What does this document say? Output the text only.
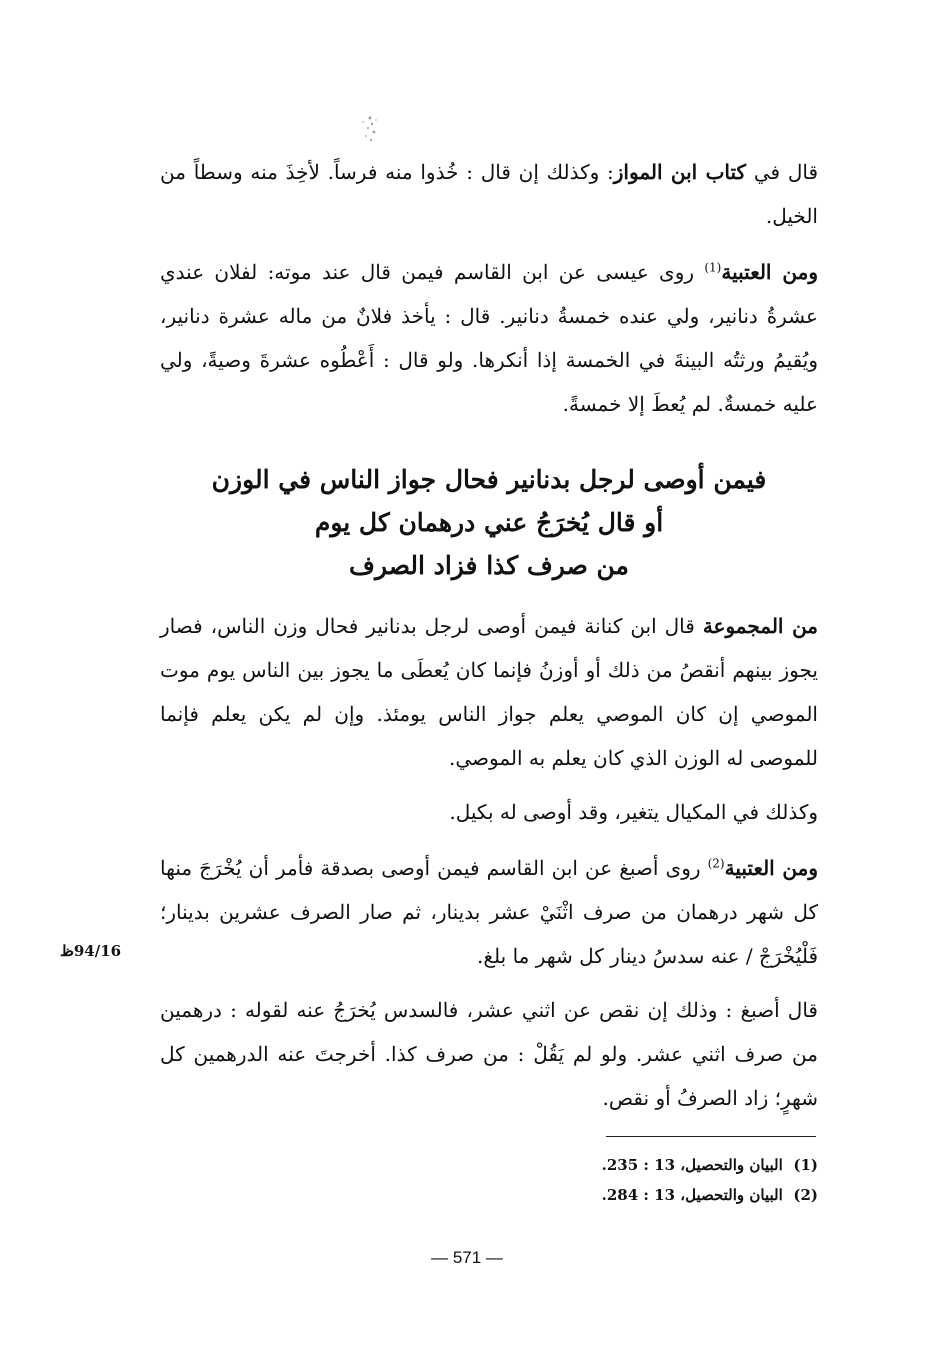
قال في كتاب ابن المواز: وكذلك إن قال : خُذوا منه فرساً. لأخِذَ منه وسطاً من الخيل.
ومن العتبية$^{(1)}$ روى عيسى عن ابن القاسم فيمن قال عند موته: لفلان عندي عشرةُ دنانير، ولي عنده خمسةُ دنانير. قال : يأخذ فلانٌ من ماله عشرة دنانير، ويُقيمُ ورثتُه البينةَ في الخمسة إذا أنكرها. ولو قال : أَعْطُوه عشرةَ وصيةً، ولي عليه خمسةٌ. لم يُعطَ إلا خمسةً.
فيمن أوصى لرجل بدنانير فحال جواز الناس في الوزن
أو قال يُخرَجُ عني درهمان كل يوم
من صرف كذا فزاد الصرف
من المجموعة قال ابن كنانة فيمن أوصى لرجل بدنانير فحال وزن الناس، فصار يجوز بينهم أنقصُ من ذلك أو أوزنُ فإنما كان يُعطَى ما يجوز بين الناس يوم موت الموصي إن كان الموصي يعلم جواز الناس يومئذ. وإن لم يكن يعلم فإنما للموصى له الوزن الذي كان يعلم به الموصي.
وكذلك في المكيال يتغير، وقد أوصى له بكيل.
ومن العتبية$^{(2)}$ روى أصبغ عن ابن القاسم فيمن أوصى بصدقة فأمر أن يُخْرَجَ منها كل شهر درهمان من صرف اثْنَيْ عشر بدينار، ثم صار الصرف عشرين بدينار؛ فَلْيُخْرَجْ / عنه سدسُ دينار كل شهر ما بلغ.
94/16ظ
قال أصبغ : وذلك إن نقص عن اثني عشر، فالسدس يُخرَجُ عنه لقوله : درهمين من صرف اثني عشر. ولو لم يَقُلْ : من صرف كذا. أخرجتَ عنه الدرهمين كل شهرٍ؛ زاد الصرفُ أو نقص.
(1) البيان والتحصيل، 13 : 235.
(2) البيان والتحصيل، 13 : 284.
— 571 —
